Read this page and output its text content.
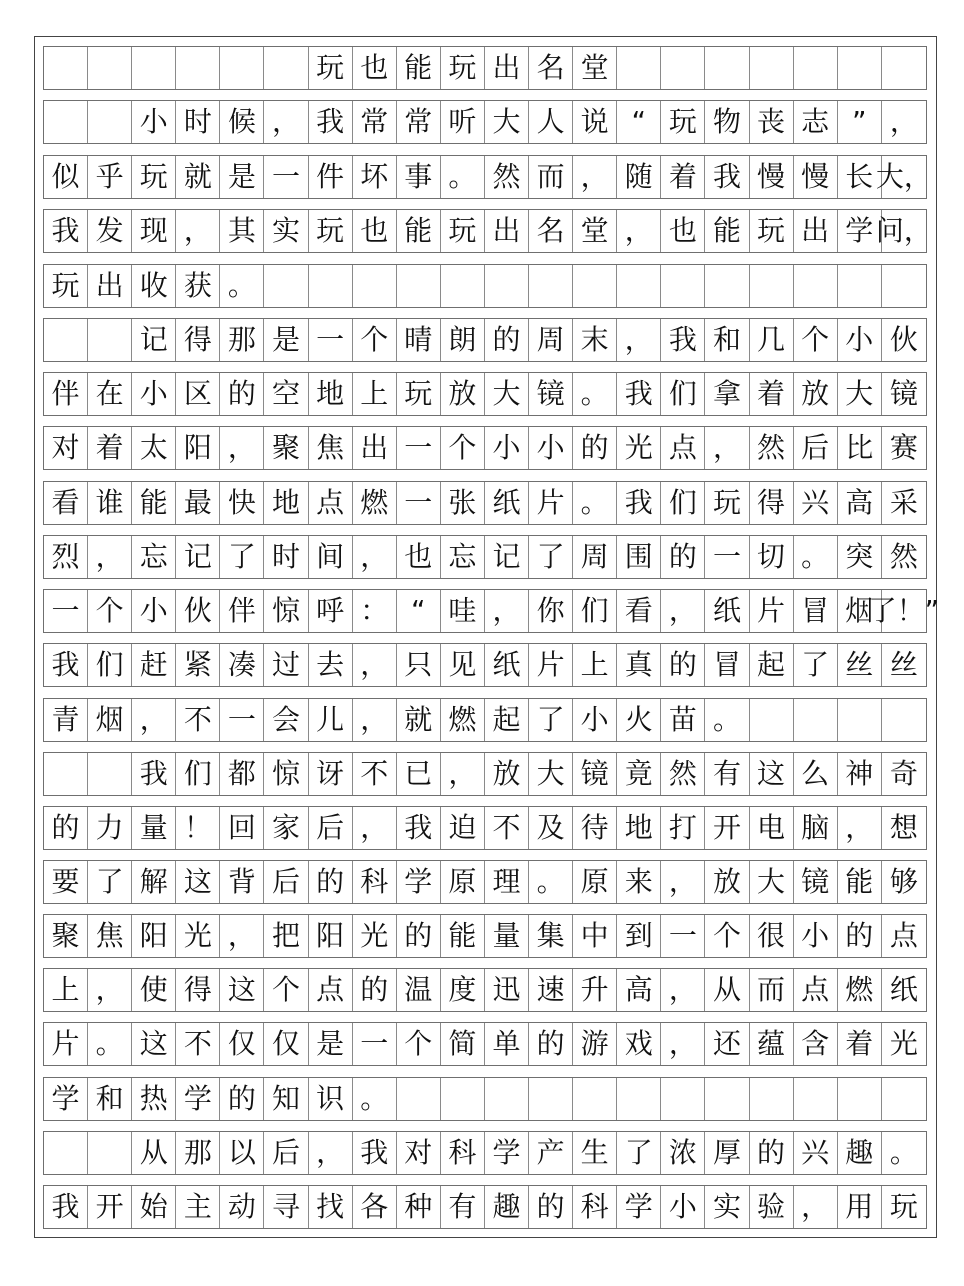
玩 也 能 玩 出 名 堂
小 时 候 ， 我 常 常 听 大 人 说 “ 玩 物 丧 志 ” ，
似 乎 玩 就 是 一 件 坏 事 。 然 而 ， 随 着 我 慢 慢 长 大，
我 发 现 ， 其 实 玩 也 能 玩 出 名 堂 ， 也 能 玩 出 学 问，
玩 出 收 获 。
记 得 那 是 一 个 晴 朗 的 周 末 ， 我 和 几 个 小 伙
伴 在 小 区 的 空 地 上 玩 放 大 镜 。 我 们 拿 着 放 大 镜
对 着 太 阳 ， 聚 焦 出 一 个 小 小 的 光 点 ， 然 后 比 赛
看 谁 能 最 快 地 点 燃 一 张 纸 片 。 我 们 玩 得 兴 高 采
烈 ， 忘 记 了 时 间 ， 也 忘 记 了 周 围 的 一 切 。 突 然
一 个 小 伙 伴 惊 呼 ： “ 哇 ， 你 们 看 ， 纸 片 冒 烟
了！”
我 们 赶 紧 凑 过 去 ， 只 见 纸 片 上 真 的 冒 起 了 丝 丝
青 烟 ， 不 一 会 儿 ， 就 燃 起 了 小 火 苗 。
我 们 都 惊 讶 不 已 ， 放 大 镜 竟 然 有 这 么 神 奇
的 力 量 ！ 回 家 后 ， 我 迫 不 及 待 地 打 开 电 脑 ， 想
要 了 解 这 背 后 的 科 学 原 理 。 原 来 ， 放 大 镜 能 够
聚 焦 阳 光 ， 把 阳 光 的 能 量 集 中 到 一 个 很 小 的 点
上 ， 使 得 这 个 点 的 温 度 迅 速 升 高 ， 从 而 点 燃 纸
片 。 这 不 仅 仅 是 一 个 简 单 的 游 戏 ， 还 蕴 含 着 光
学 和 热 学 的 知 识 。
从 那 以 后 ， 我 对 科 学 产 生 了 浓 厚 的 兴 趣 。
我 开 始 主 动 寻 找 各 种 有 趣 的 科 学 小 实 验 ， 用 玩
